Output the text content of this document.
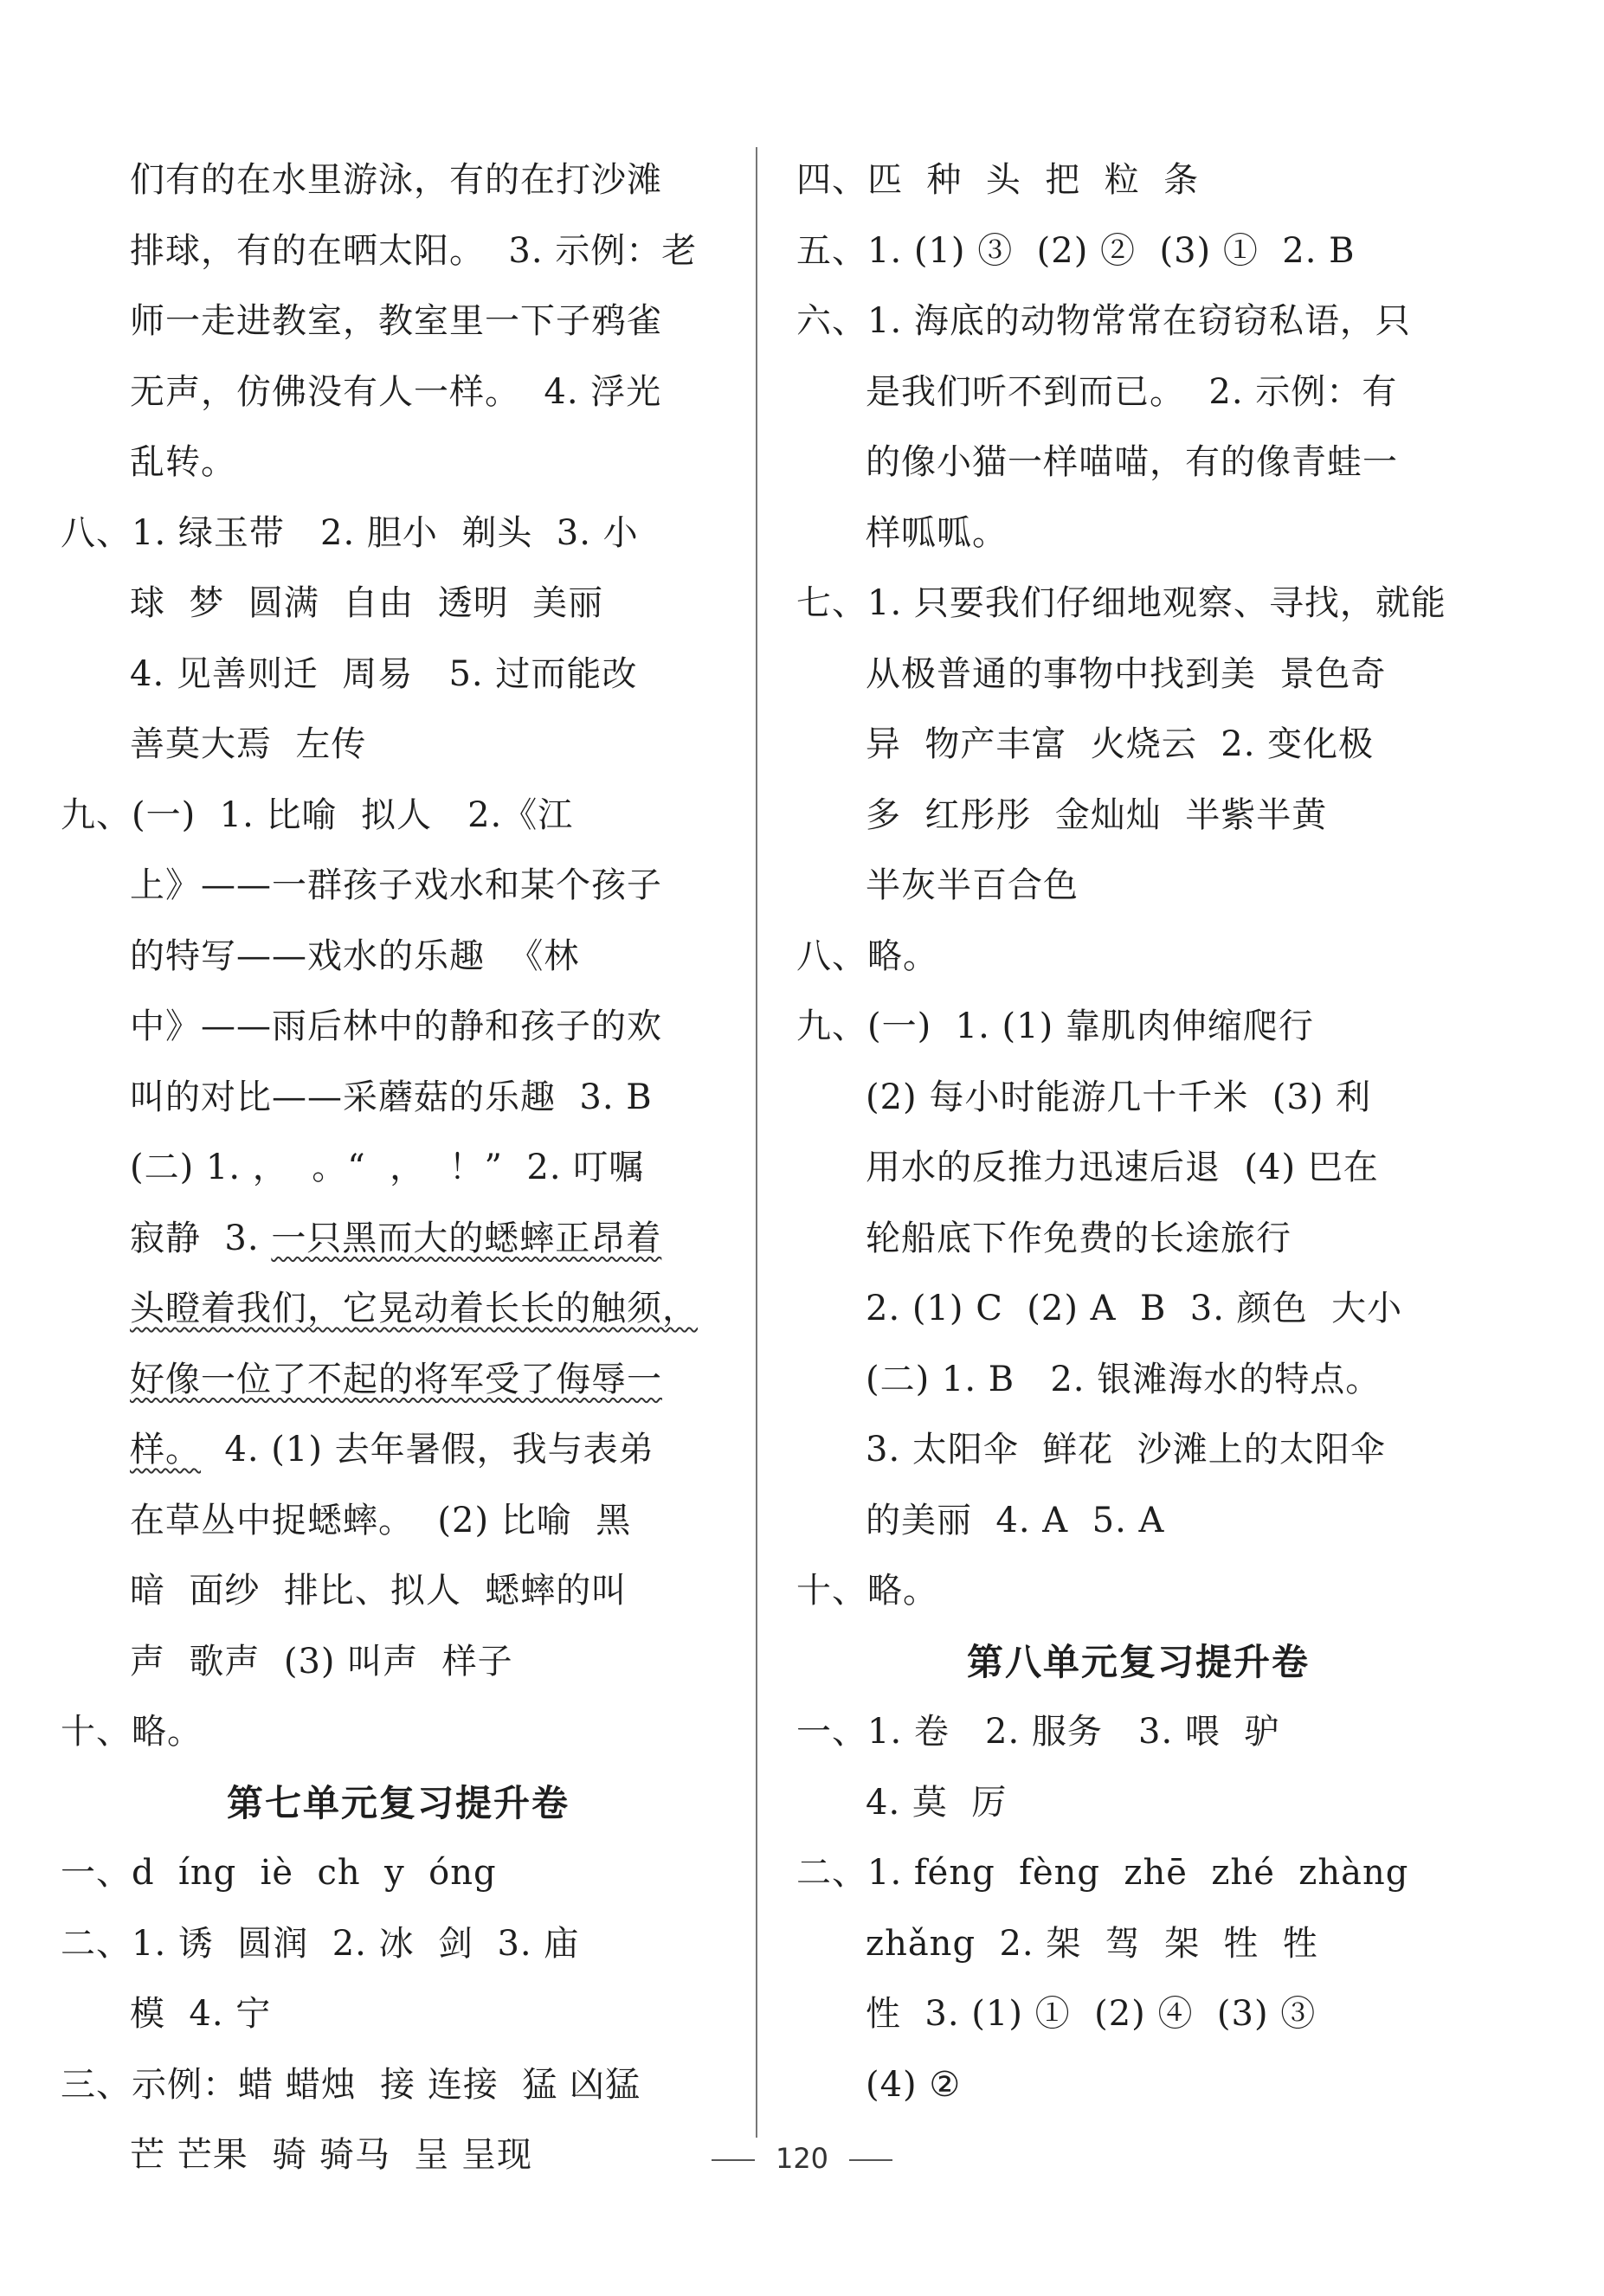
们有的在水里游泳，有的在打沙滩
排球，有的在晒太阳。  3. 示例：老
师一走进教室，教室里一下子鸦雀
无声，仿佛没有人一样。  4. 浮光
乱转。
八、1. 绿玉带   2. 胆小  剃头  3. 小
球  梦  圆满  自由  透明  美丽
4. 见善则迁  周易   5. 过而能改
善莫大焉  左传
九、(一)  1. 比喻  拟人   2.《江
上》——一群孩子戏水和某个孩子
的特写——戏水的乐趣  《林
中》——雨后林中的静和孩子的欢
叫的对比——采蘑菇的乐趣  3. B
(二) 1. ，  。“  ，  ！”  2. 叮嘱
寂静  3. 一只黑而大的蟋蟀正昂着
头瞪着我们，它晃动着长长的触须，
好像一位了不起的将军受了侮辱一
样。  4. (1) 去年暑假，我与表弟
在草丛中捉蟋蟀。  (2) 比喻  黑
暗  面纱  排比、拟人  蟋蟀的叫
声  歌声  (3) 叫声  样子
十、略。
第七单元复习提升卷
一、d  íng  iè  ch  y  óng
二、1. 诱  圆润  2. 冰  剑  3. 庙
模  4. 宁
三、示例：蜡 蜡烛  接 连接  猛 凶猛
芒 芒果  骑 骑马  呈 呈现
四、匹  种  头  把  粒  条
五、1. (1) ③  (2) ②  (3) ①  2. B
六、1. 海底的动物常常在窃窃私语，只
是我们听不到而已。  2. 示例：有
的像小猫一样喵喵，有的像青蛙一
样呱呱。
七、1. 只要我们仔细地观察、寻找，就能
从极普通的事物中找到美  景色奇
异  物产丰富  火烧云  2. 变化极
多  红彤彤  金灿灿  半紫半黄
半灰半百合色
八、略。
九、(一)  1. (1) 靠肌肉伸缩爬行
(2) 每小时能游几十千米  (3) 利
用水的反推力迅速后退  (4) 巴在
轮船底下作免费的长途旅行
2. (1) C  (2) A  B  3. 颜色  大小
(二) 1. B   2. 银滩海水的特点。
3. 太阳伞  鲜花  沙滩上的太阳伞
的美丽  4. A  5. A
十、略。
第八单元复习提升卷
一、1. 卷   2. 服务   3. 喂  驴
4. 莫  厉
二、1. féng  fèng  zhē  zhé  zhàng
zhǎng  2. 架  驾  架  牲  牲
性  3. (1) ①  (2) ④  (3) ③
(4) ②
120
